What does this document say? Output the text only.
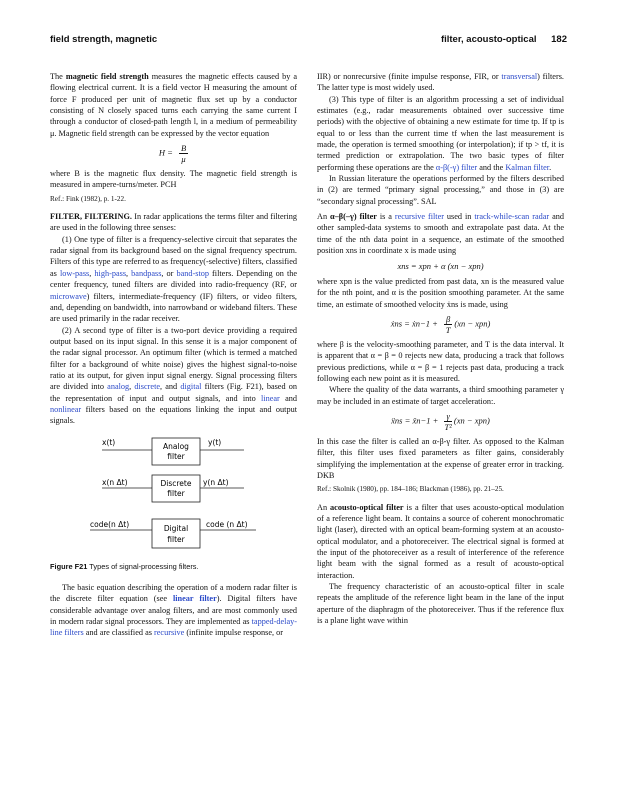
field strength, magnetic	filter, acousto-optical 182

The magnetic field strength measures the magnetic effects caused by a flowing electrical current. It is a field vector H measuring the amount of force F produced per unit of magnetic flux set up by a conductor consisting of N closely spaced turns each carrying the same current I through a conductor of closed-path length l, in a medium of permeability μ. Magnetic field strength can be expressed by the vector equation

$H = \frac{B}{\mu}$

where B is the magnetic flux density. The magnetic field strength is measured in ampere-turns/meter. PCH

Ref.: Fink (1982), p. 1-22.

FILTER, FILTERING. In radar applications the terms filter and filtering are used in the following three senses:

(1) One type of filter is a frequency-selective circuit that separates the radar signal from its background based on the signal frequency spectrum. Filters of this type are referred to as frequency(-selective) filters, classified as low-pass, high-pass, bandpass, or band-stop filters. Depending on the center frequency, tuned filters are divided into radio-frequency (RF, or microwave) filters, intermediate-frequency (IF) filters, or video filters, and, depending on bandwidth, into narrowband or wideband filters. These are used primarily in the radar receiver.

(2) A second type of filter is a two-port device providing a required output based on its input signal. In this sense it is a major component of the radar signal processor. An optimum filter (which is termed a matched filter for a background of white noise) gives the highest signal-to-noise ratio at its output, for given input signal energy. Signal processing filters are divided into analog, discrete, and digital filters (Fig. F21), based on the representation of input and output signals, and into linear and nonlinear filters based on the equations linking the input and output signals.

x(t)	Analog
filter
y(t)
x(n Δt)	Discrete
filter
y(n Δt)
code(n Δt)	Digital
filter
code (n Δt)

Figure F21 Types of signal-processing filters.

The basic equation describing the operation of a modern radar filter is the discrete filter equation (see linear filter). Digital filters have considerable advantage over analog filters, and are most commonly used in modern radar signal processors. They are implemented as tapped-delay-line filters and are classified as recursive (infinite impulse response, or

IIR) or nonrecursive (finite impulse response, FIR, or transversal) filters. The latter type is most widely used.

(3) This type of filter is an algorithm processing a set of individual estimates (e.g., radar measurements obtained over successive time periods) with the objective of obtaining a new estimate for time tp. If tp is equal to or less than the current time tf when the last measurement is made, the operation is termed smoothing (or interpolation); if tp > tf, it is termed prediction or extrapolation. The two basic types of filter performing these operations are the α-β(-γ) filter and the Kalman filter.

In Russian literature the operations performed by the filters described in (2) are termed “primary signal processing,” and those in (3) are “secondary signal processing”. SAL

An α–β(–γ) filter is a recursive filter used in track-while-scan radar and other sampled-data systems to smooth and extrapolate past data. At the time of the nth data point in a sequence, an estimate of the smoothed position xns in coordinate x is made using

xns = xpn + α (xn − xpn)

where xpn is the value predicted from past data, xn is the measured value for the nth point, and α is the position smoothing parameter. At the same time, an estimate of smoothed velocity ẋns is made, using

ẋns = ẋn−1 + $\frac{\beta}{T} (xn - xpn)$

where β is the velocity-smoothing parameter, and T is the data interval. It is apparent that α = β = 0 rejects new data, producing a track that follows previous predictions, while α = β = 1 rejects past data, producing a track following each new point as it is measured.

Where the quality of the data warrants, a third smoothing parameter γ may be included in an estimate of target acceleration:.

ẍns = ẍn−1 + $\frac{\gamma}{\text{T²}} (xn - xpn)$

In this case the filter is called an α-β-γ filter. As opposed to the Kalman filter, this filter uses fixed parameters as filter gains, considerably simplifying the implementation at the expense of greater error in tracking. DKB

Ref.: Skolnik (1980), pp. 184–186; Blackman (1986), pp. 21–25.

An acousto-optical filter is a filter that uses acousto-optical modulation of a reference light beam. It contains a source of coherent monochromatic light (laser), directed with an optical beam-forming system at an acousto-optical modulator, and a photoreceiver. The electrical signal is formed at the input of the photoreceiver as a result of interference of the reference light beam with the signal formed as a result of acousto-optical interaction.

The frequency characteristic of an acousto-optical filter in scale repeats the amplitude of the reference light beam in the lane of the input aperture of the diaphragm of the photoreceiver. Thus if the reference flux is a plane light wave within
